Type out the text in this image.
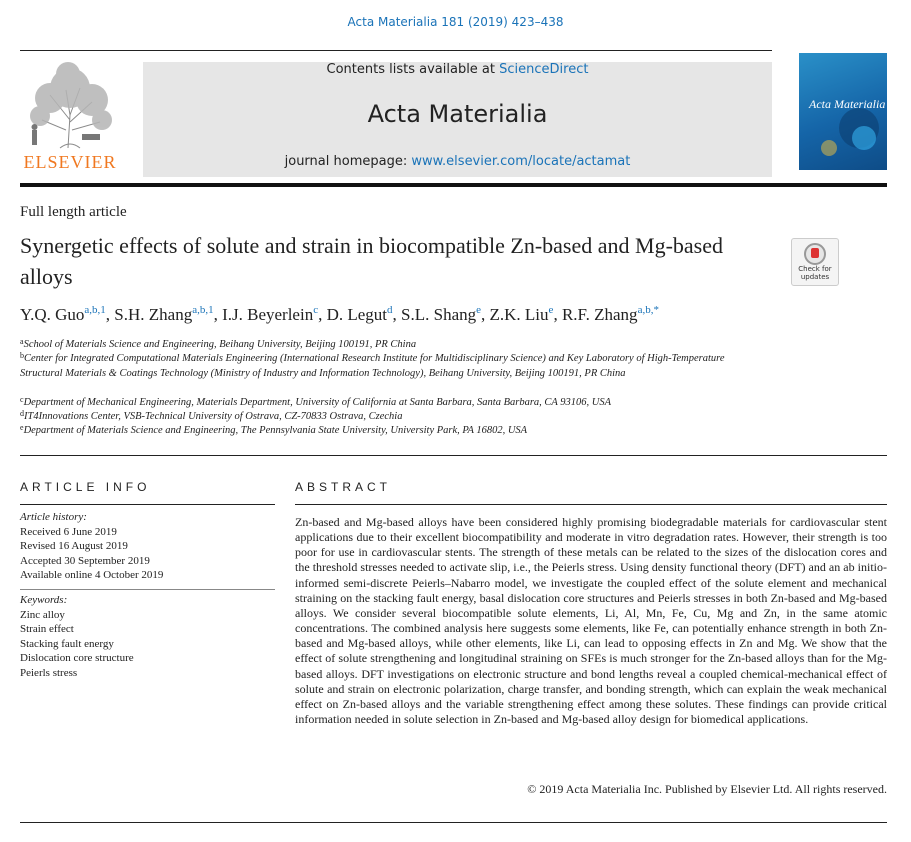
Acta Materialia 181 (2019) 423–438
ELSEVIER
Contents lists available at ScienceDirect
Acta Materialia
journal homepage: www.elsevier.com/locate/actamat
Acta Materialia
Full length article
Synergetic effects of solute and strain in biocompatible Zn-based and Mg-based alloys	Check for
updates
Y.Q. Guo$^{a,b,1}$, S.H. Zhang$^{a,b,1}$, I.J. Beyerlein$^c$, D. Legut$^d$, S.L. Shang$^e$, Z.K. Liu$^e$, R.F. Zhang$^{a,b,*}$
$^a$School of Materials Science and Engineering, Beihang University, Beijing 100191, PR China
$^b$Center for Integrated Computational Materials Engineering (International Research Institute for Multidisciplinary Science) and Key Laboratory of High-Temperature Structural Materials & Coatings Technology (Ministry of Industry and Information Technology), Beihang University, Beijing 100191, PR China
$^c$Department of Mechanical Engineering, Materials Department, University of California at Santa Barbara, Santa Barbara, CA 93106, USA
$^d$IT4Innovations Center, VSB-Technical University of Ostrava, CZ-70833 Ostrava, Czechia
$^e$Department of Materials Science and Engineering, The Pennsylvania State University, University Park, PA 16802, USA
ARTICLE INFO
Article history:
Received 6 June 2019
Revised 16 August 2019
Accepted 30 September 2019
Available online 4 October 2019
Keywords:
Zinc alloy
Strain effect
Stacking fault energy
Dislocation core structure
Peierls stress
ABSTRACT
Zn-based and Mg-based alloys have been considered highly promising biodegradable materials for cardiovascular stent applications due to their excellent biocompatibility and moderate in vitro degradation rates. However, their strength is too poor for use in cardiovascular stents. The strength of these metals can be related to the sizes of the dislocation cores and the threshold stresses needed to activate slip, i.e., the Peierls stress. Using density functional theory (DFT) and an ab initio-informed semi-discrete Peierls–Nabarro model, we investigate the coupled effect of the solute element and mechanical straining on the stacking fault energy, basal dislocation core structures and Peierls stresses in both Zn-based and Mg-based alloys. We consider several biocompatible solute elements, Li, Al, Mn, Fe, Cu, Mg and Zn, in the same atomic concentrations. The combined analysis here suggests some elements, like Fe, can potentially enhance strength in both Zn-based and Mg-based alloys, while other elements, like Li, can lead to opposing effects in Zn and Mg. We show that the effect of solute strengthening and longitudinal straining on SFEs is much stronger for the Zn-based alloys than for the Mg-based alloys. DFT investigations on electronic structure and bond lengths reveal a coupled chemical-mechanical effect of solute and strain on electronic polarization, charge transfer, and bonding strength, which can explain the weak mechanical effect on Zn-based alloys and the variable strengthening effect among these solutes. These findings can provide critical information needed in solute selection in Zn-based and Mg-based alloy design for biomedical applications.
© 2019 Acta Materialia Inc. Published by Elsevier Ltd. All rights reserved.
